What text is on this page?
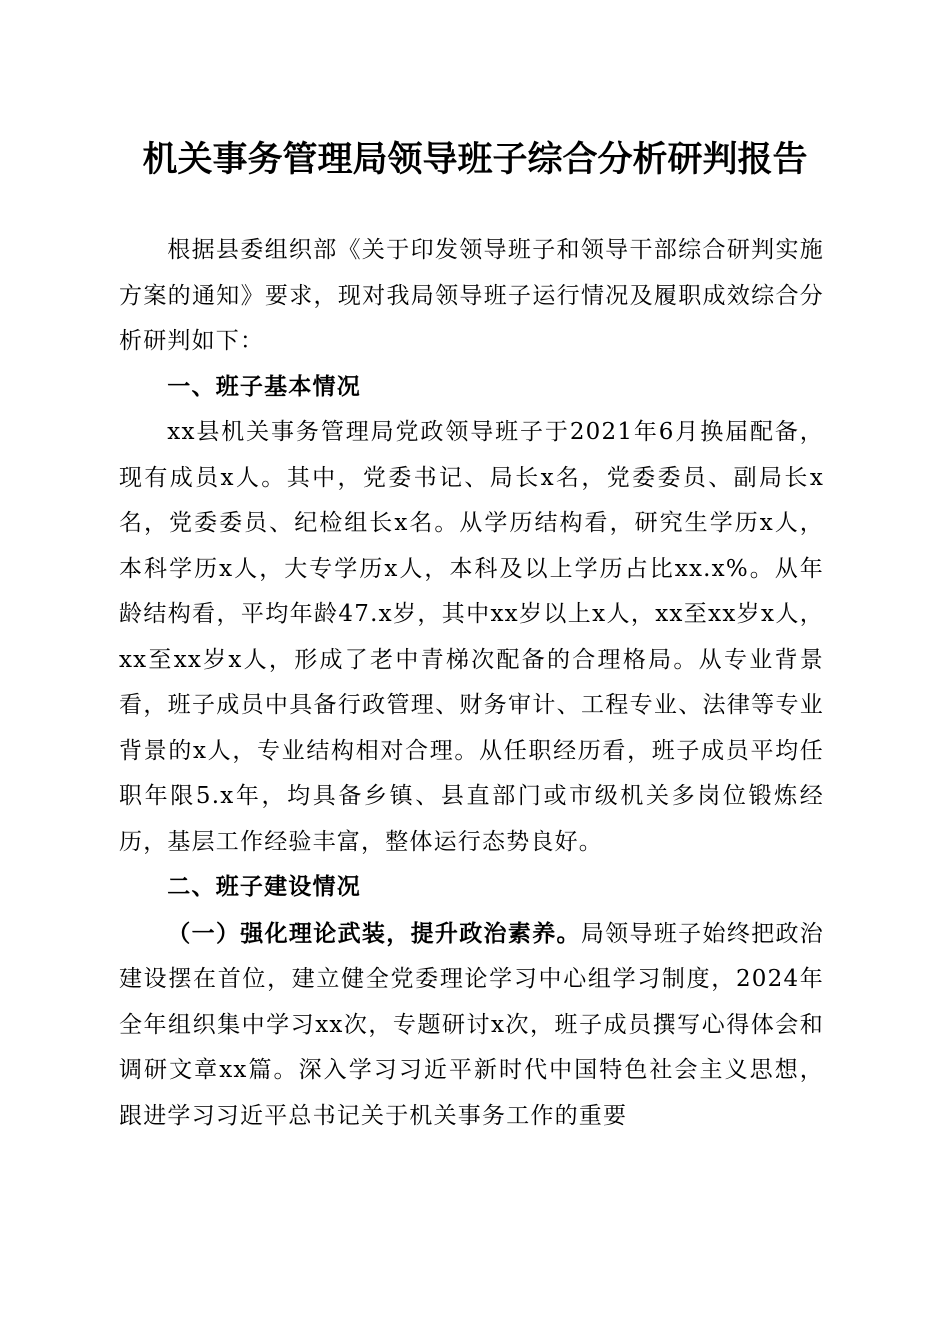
机关事务管理局领导班子综合分析研判报告

根据县委组织部《关于印发领导班子和领导干部综合研判实施方案的通知》要求，现对我局领导班子运行情况及履职成效综合分析研判如下：

一、班子基本情况

xx县机关事务管理局党政领导班子于2021年6月换届配备，现有成员x人。其中，党委书记、局长x名，党委委员、副局长x名，党委委员、纪检组长x名。从学历结构看，研究生学历x人，本科学历x人，大专学历x人，本科及以上学历占比xx.x%。从年龄结构看，平均年龄47.x岁，其中xx岁以上x人，xx至xx岁x人，xx至xx岁x人，形成了老中青梯次配备的合理格局。从专业背景看，班子成员中具备行政管理、财务审计、工程专业、法律等专业背景的x人，专业结构相对合理。从任职经历看，班子成员平均任职年限5.x年，均具备乡镇、县直部门或市级机关多岗位锻炼经历，基层工作经验丰富，整体运行态势良好。

二、班子建设情况

（一）强化理论武装，提升政治素养。局领导班子始终把政治建设摆在首位，建立健全党委理论学习中心组学习制度，2024年全年组织集中学习xx次，专题研讨x次，班子成员撰写心得体会和调研文章xx篇。深入学习习近平新时代中国特色社会主义思想，跟进学习习近平总书记关于机关事务工作的重要
